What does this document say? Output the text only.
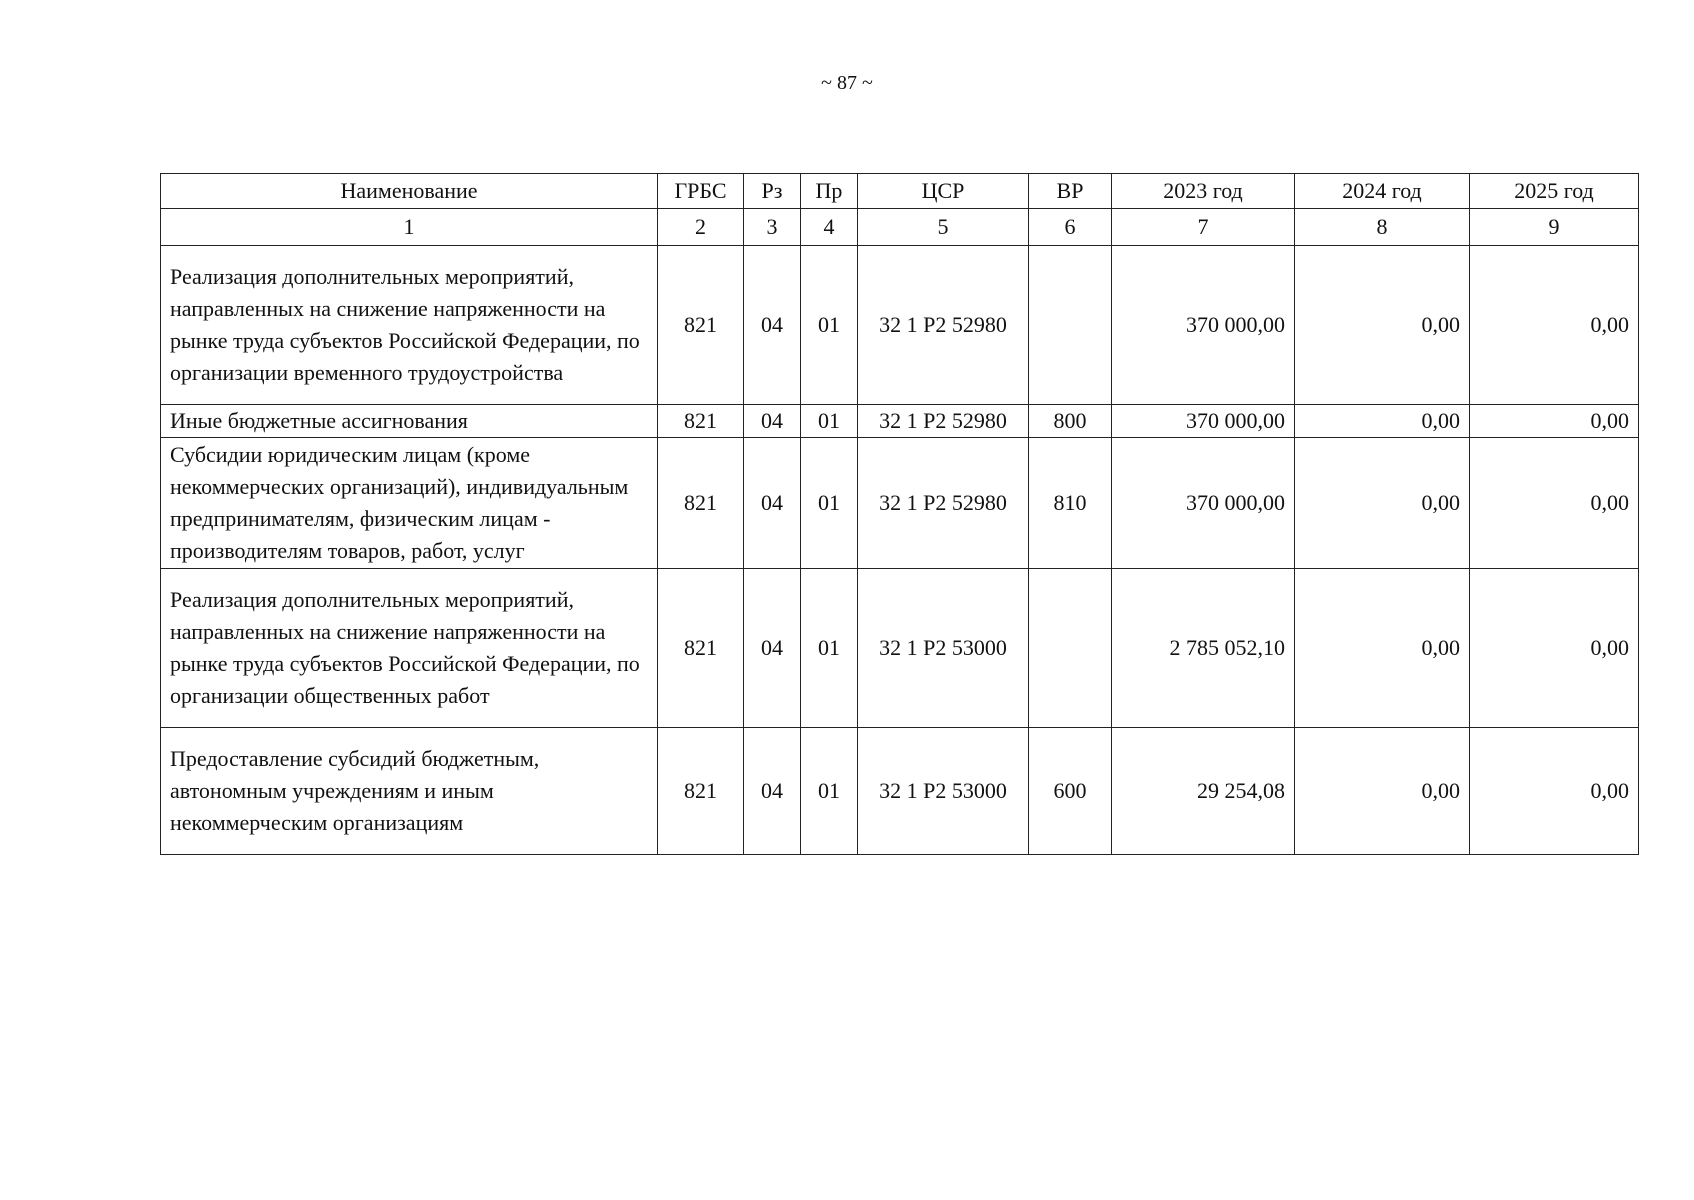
~ 87 ~
Наименование	ГРБС	Рз	Пр	ЦСР	ВР	2023 год	2024 год	2025 год
1	2	3	4	5	6	7	8	9
Реализация дополнительных мероприятий, направленных на снижение напряженности на рынке труда субъектов Российской Федерации, по организации временного трудоустройства	821	04	01	32 1 P2 52980		370 000,00	0,00	0,00
Иные бюджетные ассигнования	821	04	01	32 1 P2 52980	800	370 000,00	0,00	0,00
Субсидии юридическим лицам (кроме некоммерческих организаций), индивидуальным предпринимателям, физическим лицам - производителям товаров, работ, услуг	821	04	01	32 1 P2 52980	810	370 000,00	0,00	0,00
Реализация дополнительных мероприятий, направленных на снижение напряженности на рынке труда субъектов Российской Федерации, по организации общественных работ	821	04	01	32 1 P2 53000		2 785 052,10	0,00	0,00
Предоставление субсидий бюджетным, автономным учреждениям и иным некоммерческим организациям	821	04	01	32 1 P2 53000	600	29 254,08	0,00	0,00
